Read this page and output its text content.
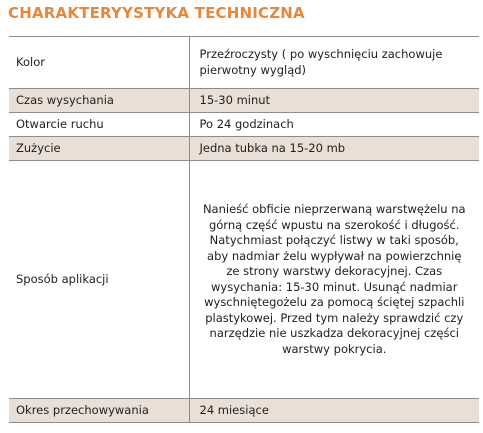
CHARAKTERYYSTYKA TECHNICZNA
Kolor	Przeźroczysty ( po wyschnięciu zachowuje pierwotny wygląd)
Czas wysychania	15-30 minut
Otwarcie ruchu	Po 24 godzinach
Zużycie	Jedna tubka na 15-20 mb
Sposób aplikacji	Nanieść obficie nieprzerwaną warstwężelu na górną część wpustu na szerokość i długość. Natychmiast połączyć listwy w taki sposób, aby nadmiar żelu wypływał na powierzchnię ze strony warstwy dekoracyjnej. Czas wysychania: 15-30 minut. Usunąć nadmiar wyschniętegożelu za pomocą ściętej szpachli plastykowej. Przed tym należy sprawdzić czy narzędzie nie uszkadza dekoracyjnej części warstwy pokrycia.
Okres przechowywania	24 miesiące
